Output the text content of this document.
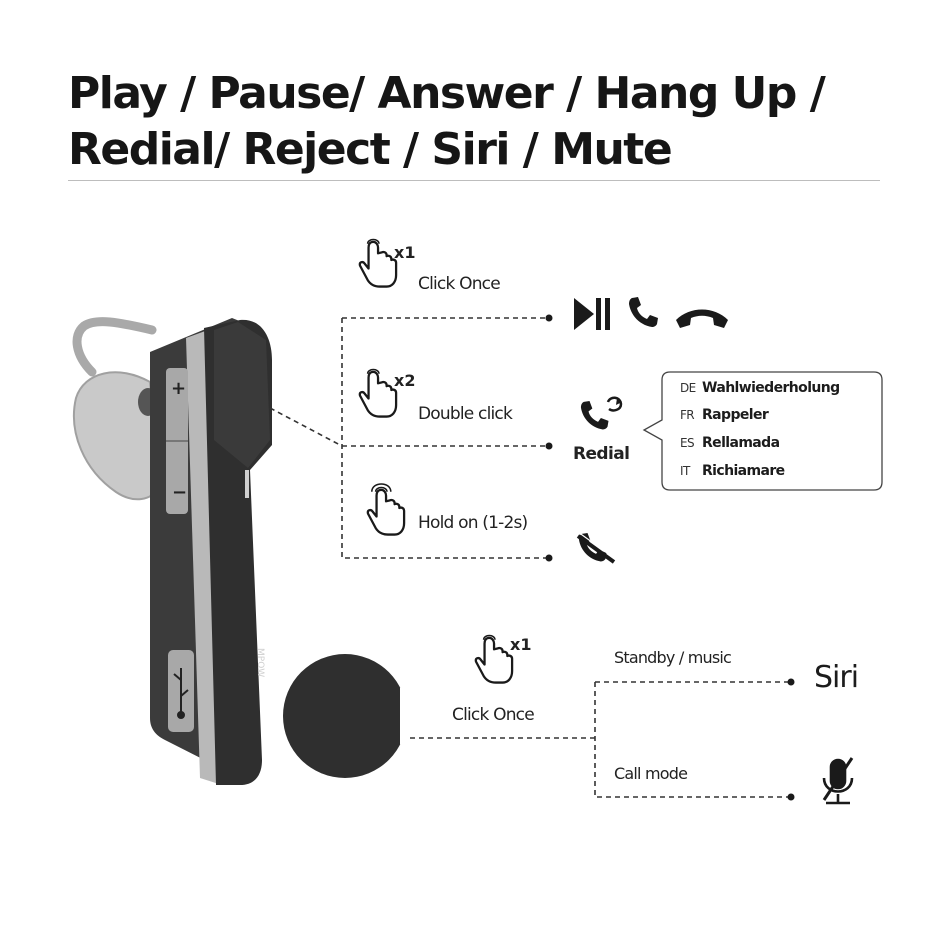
Play / Pause/ Answer / Hang Up /
Redial/ Reject / Siri / Mute
MPOW
+
−
x1
x2
x1
Click Once
Double click
Hold on (1-2s)
Click Once
Redial
DE Wahlwiederholung
FR Rappeler
ES Rellamada
IT Richiamare
Standby / music
Call mode
Siri
